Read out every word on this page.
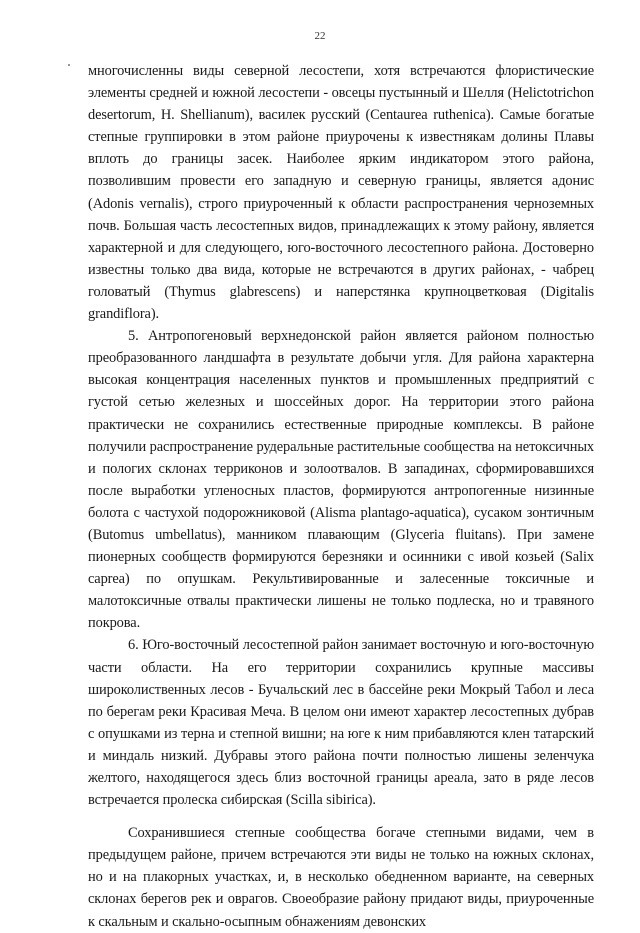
22

многочисленны виды северной лесостепи, хотя встречаются флористические элементы средней и южной лесостепи - овсецы пустынный и Шелля (Helictotrichon desertorum, H. Shellianum), василек русский (Centaurea ruthenica). Самые богатые степные группировки в этом районе приурочены к известнякам долины Плавы вплоть до границы засек. Наиболее ярким индикатором этого района, позволившим провести его западную и северную границы, является адонис (Adonis vernalis), строго приуроченный к области распространения черноземных почв. Большая часть лесостепных видов, принадлежащих к этому району, является характерной и для следующего, юго-восточного лесостепного района. Достоверно известны только два вида, которые не встречаются в других районах, - чабрец головатый (Thymus glabrescens) и наперстянка крупноцветковая (Digitalis grandiflora).

5. Антропогеновый верхнедонской район является районом полностью преобразованного ландшафта в результате добычи угля. Для района характерна высокая концентрация населенных пунктов и промышленных предприятий с густой сетью железных и шоссейных дорог. На территории этого района практически не сохранились естественные природные комплексы. В районе получили распространение рудеральные растительные сообщества на нетоксичных и пологих склонах терриконов и золоотвалов. В западинах, сформировавшихся после выработки угленосных пластов, формируются антропогенные низинные болота с частухой подорожниковой (Alisma plantago-aquatica), сусаком зонтичным (Butomus umbellatus), манником плавающим (Glyceria fluitans). При замене пионерных сообществ формируются березняки и осинники с ивой козьей (Salix caprea) по опушкам. Рекультивированные и залесенные токсичные и малотоксичные отвалы практически лишены не только подлеска, но и травяного покрова.

6. Юго-восточный лесостепной район занимает восточную и юго-восточную части области. На его территории сохранились крупные массивы широколиственных лесов - Бучальский лес в бассейне реки Мокрый Табол и леса по берегам реки Красивая Меча. В целом они имеют характер лесостепных дубрав с опушками из терна и степной вишни; на юге к ним прибавляются клен татарский и миндаль низкий. Дубравы этого района почти полностью лишены зеленчука желтого, находящегося здесь близ восточной границы ареала, зато в ряде лесов встречается пролеска сибирская (Scilla sibirica).

Сохранившиеся степные сообщества богаче степными видами, чем в предыдущем районе, причем встречаются эти виды не только на южных склонах, но и на плакорных участках, и, в несколько обедненном варианте, на северных склонах берегов рек и оврагов. Своеобразие району придают виды, приуроченные к скальным и скально-осыпным обнажениям девонских
